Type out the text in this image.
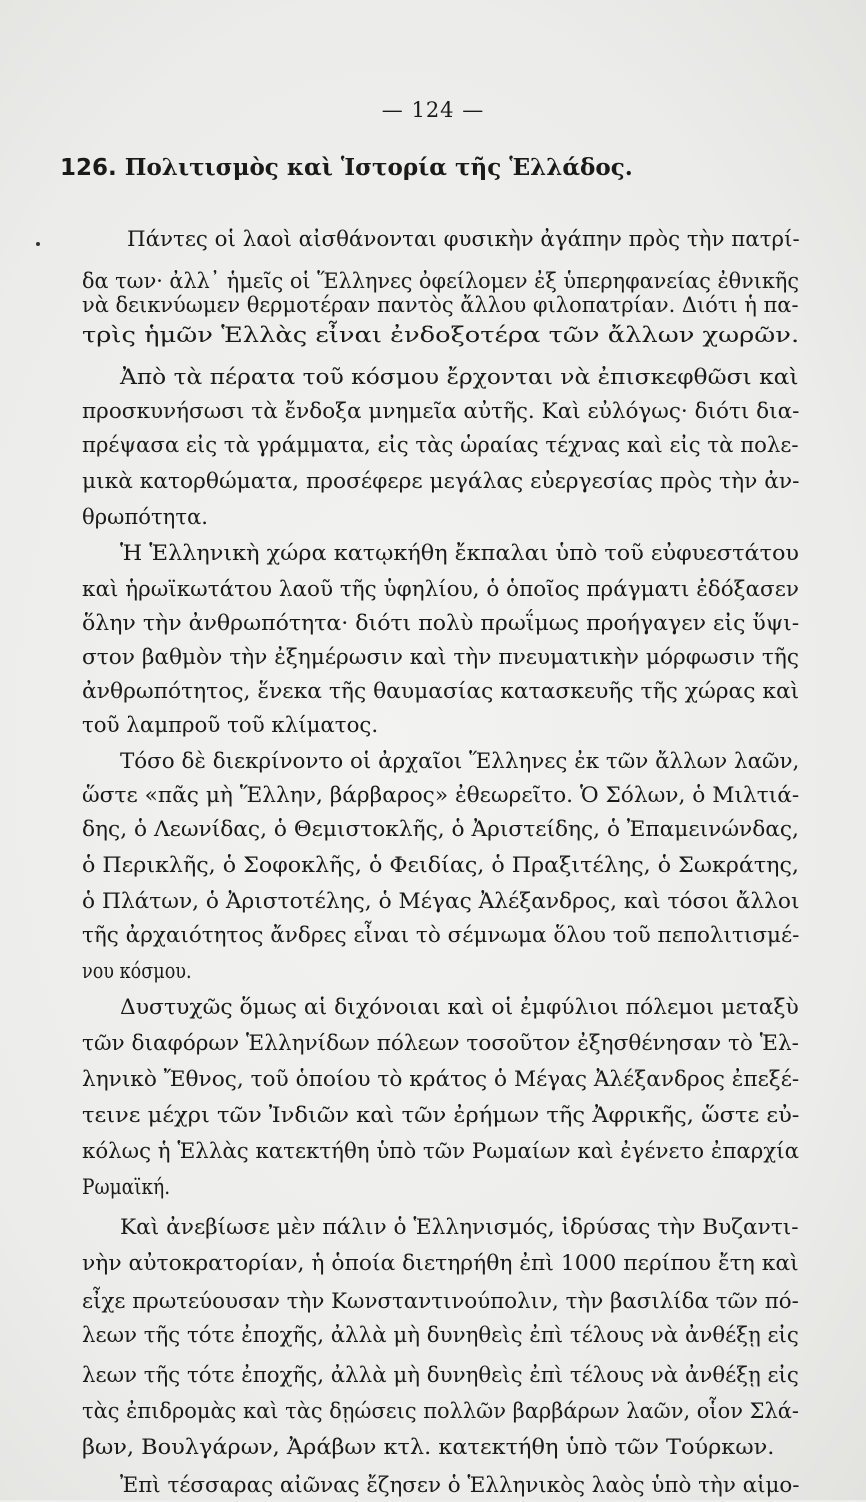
— 124 —
126. Πολιτισμὸς καὶ Ἱστορία τῆς Ἑλλάδος.
Πάντες οἱ λαοὶ αἰσθάνονται φυσικὴν ἀγάπην πρὸς τὴν πατρί-
δα των· ἀλλ᾽ ἡμεῖς οἱ Ἕλληνες ὀφείλομεν ἐξ ὑπερηφανείας ἐθνικῆς
νὰ δεικνύωμεν θερμοτέραν παντὸς ἄλλου φιλοπατρίαν. Διότι ἡ πα-
τρὶς ἡμῶν Ἑλλὰς εἶναι ἐνδοξοτέρα τῶν ἄλλων χωρῶν.
Ἀπὸ τὰ πέρατα τοῦ κόσμου ἔρχονται νὰ ἐπισκεφθῶσι καὶ
προσκυνήσωσι τὰ ἔνδοξα μνημεῖα αὐτῆς. Καὶ εὐλόγως· διότι δια-
πρέψασα εἰς τὰ γράμματα, εἰς τὰς ὡραίας τέχνας καὶ εἰς τὰ πολε-
μικὰ κατορθώματα, προσέφερε μεγάλας εὐεργεσίας πρὸς τὴν ἀν-
θρωπότητα.
Ἡ Ἑλληνικὴ χώρα κατῳκήθη ἔκπαλαι ὑπὸ τοῦ εὐφυεστάτου
καὶ ἡρωϊκωτάτου λαοῦ τῆς ὑφηλίου, ὁ ὁποῖος πράγματι ἐδόξασεν
ὅλην τὴν ἀνθρωπότητα· διότι πολὺ πρωΐμως προήγαγεν εἰς ὕψι-
στον βαθμὸν τὴν ἐξημέρωσιν καὶ τὴν πνευματικὴν μόρφωσιν τῆς
ἀνθρωπότητος, ἕνεκα τῆς θαυμασίας κατασκευῆς τῆς χώρας καὶ
τοῦ λαμπροῦ τοῦ κλίματος.
Τόσο δὲ διεκρίνοντο οἱ ἀρχαῖοι Ἕλληνες ἐκ τῶν ἄλλων λαῶν,
ὥστε «πᾶς μὴ Ἕλλην, βάρβαρος» ἐθεωρεῖτο. Ὁ Σόλων, ὁ Μιλτιά-
δης, ὁ Λεωνίδας, ὁ Θεμιστοκλῆς, ὁ Ἀριστείδης, ὁ Ἐπαμεινώνδας,
ὁ Περικλῆς, ὁ Σοφοκλῆς, ὁ Φειδίας, ὁ Πραξιτέλης, ὁ Σωκράτης,
ὁ Πλάτων, ὁ Ἀριστοτέλης, ὁ Μέγας Ἀλέξανδρος, καὶ τόσοι ἄλλοι
τῆς ἀρχαιότητος ἄνδρες εἶναι τὸ σέμνωμα ὅλου τοῦ πεπολιτισμέ-
νου κόσμου.
Δυστυχῶς ὅμως αἱ διχόνοιαι καὶ οἱ ἐμφύλιοι πόλεμοι μεταξὺ
τῶν διαφόρων Ἑλληνίδων πόλεων τοσοῦτον ἐξησθένησαν τὸ Ἑλ-
ληνικὸ Ἔθνος, τοῦ ὁποίου τὸ κράτος ὁ Μέγας Ἀλέξανδρος ἐπεξέ-
τεινε μέχρι τῶν Ἰνδιῶν καὶ τῶν ἐρήμων τῆς Ἀφρικῆς, ὥστε εὐ-
κόλως ἡ Ἑλλὰς κατεκτήθη ὑπὸ τῶν Ρωμαίων καὶ ἐγένετο ἐπαρχία
Ρωμαϊκή.
Καὶ ἀνεβίωσε μὲν πάλιν ὁ Ἑλληνισμός, ἱδρύσας τὴν Βυζαντι-
νὴν αὐτοκρατορίαν, ἡ ὁποία διετηρήθη ἐπὶ 1000 περίπου ἔτη καὶ
εἶχε πρωτεύουσαν τὴν Κωνσταντινούπολιν, τὴν βασιλίδα τῶν πό-
λεων τῆς τότε ἐποχῆς, ἀλλὰ μὴ δυνηθεὶς ἐπὶ τέλους νὰ ἀνθέξῃ εἰς
λεων τῆς τότε ἐποχῆς, ἀλλὰ μὴ δυνηθεὶς ἐπὶ τέλους νὰ ἀνθέξῃ εἰς
τὰς ἐπιδρομὰς καὶ τὰς δῃώσεις πολλῶν βαρβάρων λαῶν, οἷον Σλά-
βων, Βουλγάρων, Ἀράβων κτλ. κατεκτήθη ὑπὸ τῶν Τούρκων.
Ἐπὶ τέσσαρας αἰῶνας ἔζησεν ὁ Ἑλληνικὸς λαὸς ὑπὸ τὴν αἱμο-
